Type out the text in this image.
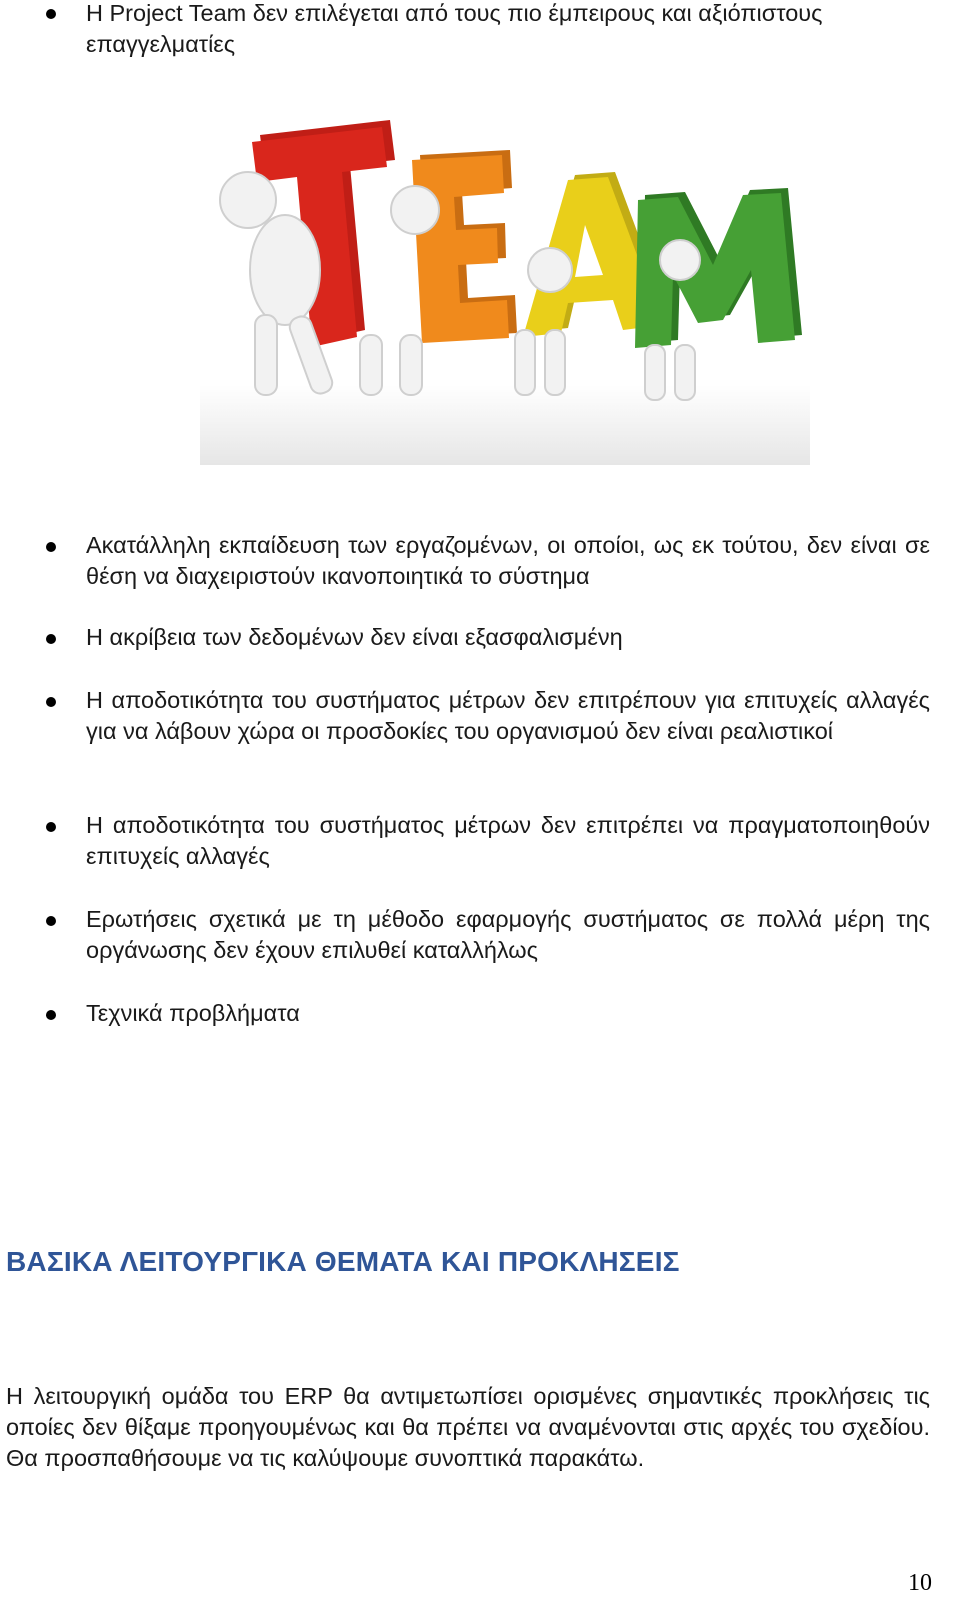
Η Project Team δεν επιλέγεται από τους πιο έμπειρους και αξιόπιστους επαγγελματίες
Ακατάλληλη εκπαίδευση των εργαζομένων, οι οποίοι, ως εκ τούτου, δεν είναι σε θέση να διαχειριστούν ικανοποιητικά το σύστημα
Η ακρίβεια των δεδομένων δεν είναι εξασφαλισμένη
Η αποδοτικότητα του συστήματος μέτρων δεν επιτρέπουν για επιτυχείς αλλαγές για να λάβουν χώρα οι προσδοκίες του οργανισμού δεν είναι ρεαλιστικοί
Η αποδοτικότητα του συστήματος μέτρων δεν επιτρέπει να πραγματοποιηθούν επιτυχείς αλλαγές
Ερωτήσεις σχετικά με τη μέθοδο εφαρμογής συστήματος σε πολλά μέρη της οργάνωσης δεν έχουν επιλυθεί καταλλήλως
Τεχνικά προβλήματα
ΒΑΣΙΚΑ ΛΕΙΤΟΥΡΓΙΚΑ ΘΕΜΑΤΑ ΚΑΙ ΠΡΟΚΛΗΣΕΙΣ
Η λειτουργική ομάδα του ERP θα αντιμετωπίσει ορισμένες σημαντικές προκλήσεις τις οποίες δεν θίξαμε προηγουμένως και θα πρέπει να αναμένονται στις αρχές του σχεδίου. Θα προσπαθήσουμε να τις καλύψουμε συνοπτικά παρακάτω.
10
